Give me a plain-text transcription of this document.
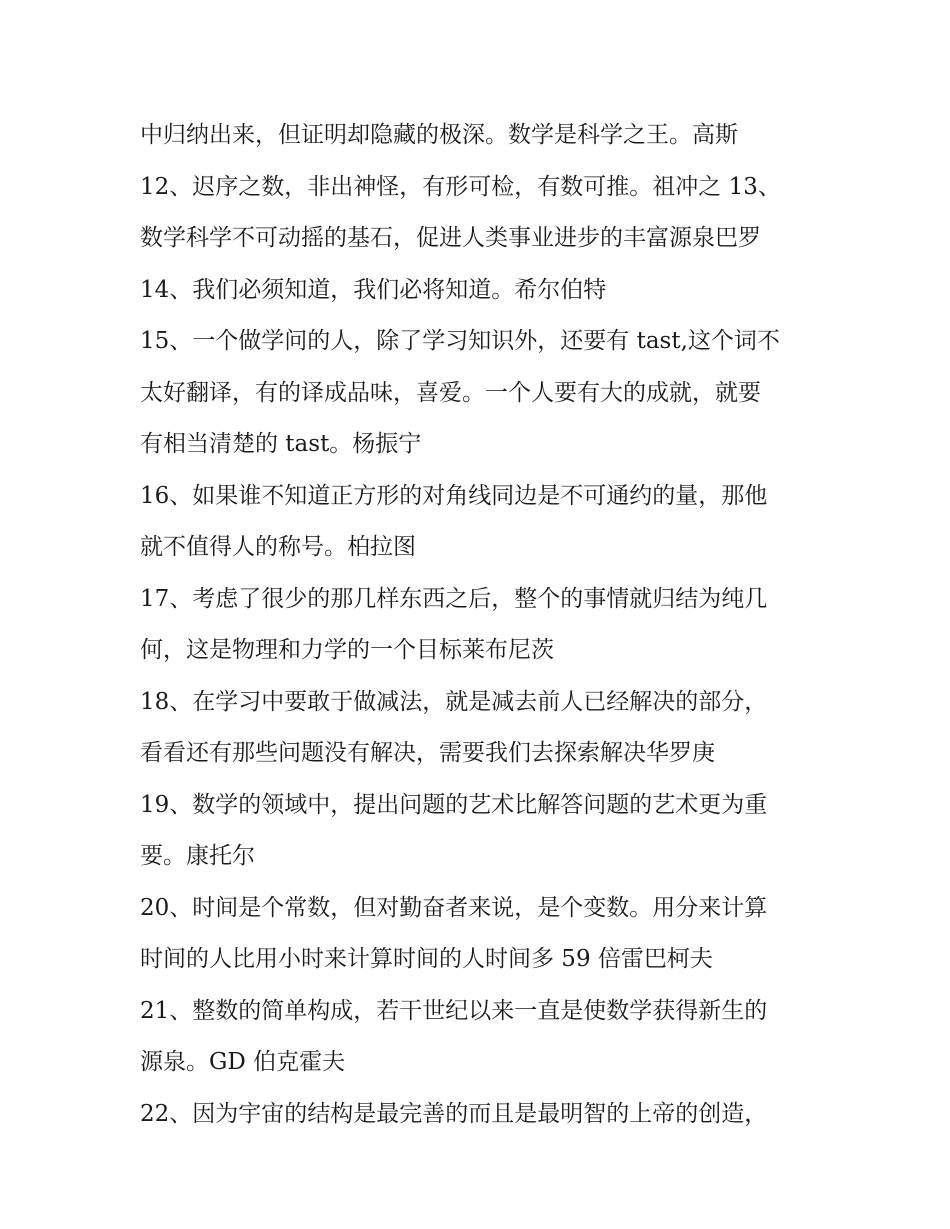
中归纳出来，但证明却隐藏的极深。数学是科学之王。高斯
12、迟序之数，非出神怪，有形可检，有数可推。祖冲之 13、
数学科学不可动摇的基石，促进人类事业进步的丰富源泉巴罗
14、我们必须知道，我们必将知道。希尔伯特
15、一个做学问的人，除了学习知识外，还要有 tast,这个词不
太好翻译，有的译成品味，喜爱。一个人要有大的成就，就要
有相当清楚的 tast。杨振宁
16、如果谁不知道正方形的对角线同边是不可通约的量，那他
就不值得人的称号。柏拉图
17、考虑了很少的那几样东西之后，整个的事情就归结为纯几
何，这是物理和力学的一个目标莱布尼茨
18、在学习中要敢于做减法，就是减去前人已经解决的部分，
看看还有那些问题没有解决，需要我们去探索解决华罗庚
19、数学的领域中，提出问题的艺术比解答问题的艺术更为重
要。康托尔
20、时间是个常数，但对勤奋者来说，是个变数。用分来计算
时间的人比用小时来计算时间的人时间多 59 倍雷巴柯夫
21、整数的简单构成，若干世纪以来一直是使数学获得新生的
源泉。GD 伯克霍夫
22、因为宇宙的结构是最完善的而且是最明智的上帝的创造，
